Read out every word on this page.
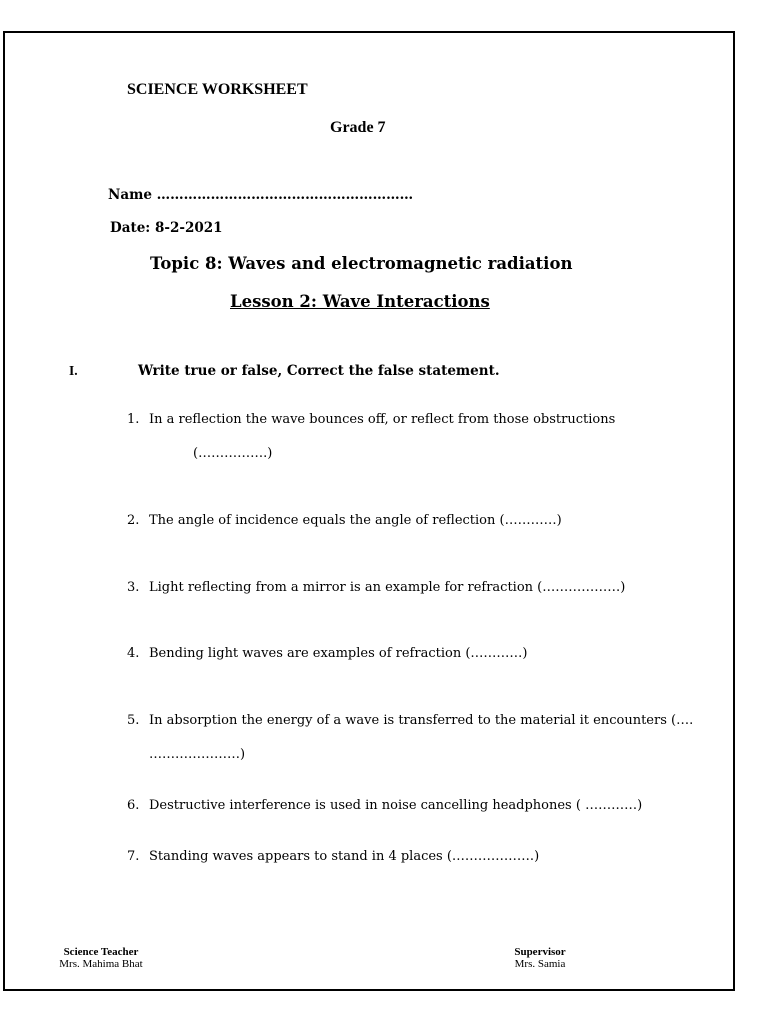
SCIENCE WORKSHEET
Grade 7
Name …………………………………………………
Date: 8-2-2021
Topic 8: Waves and electromagnetic radiation
Lesson 2: Wave Interactions
I.	Write true or false, Correct the false statement.
1. In a reflection the wave bounces off, or reflect from those obstructions
(…………….)
2. The angle of incidence equals the angle of reflection (…………)
3. Light reflecting from a mirror is an example for refraction (………………)
4. Bending light waves are examples of refraction (…………)
5. In absorption the energy of a wave is transferred to the material it encounters (….
…………………)
6. Destructive interference is used in noise cancelling headphones ( …………)
7. Standing waves appears to stand in 4 places (……………….)
Science Teacher
Mrs. Mahima Bhat
Supervisor
Mrs. Samia
